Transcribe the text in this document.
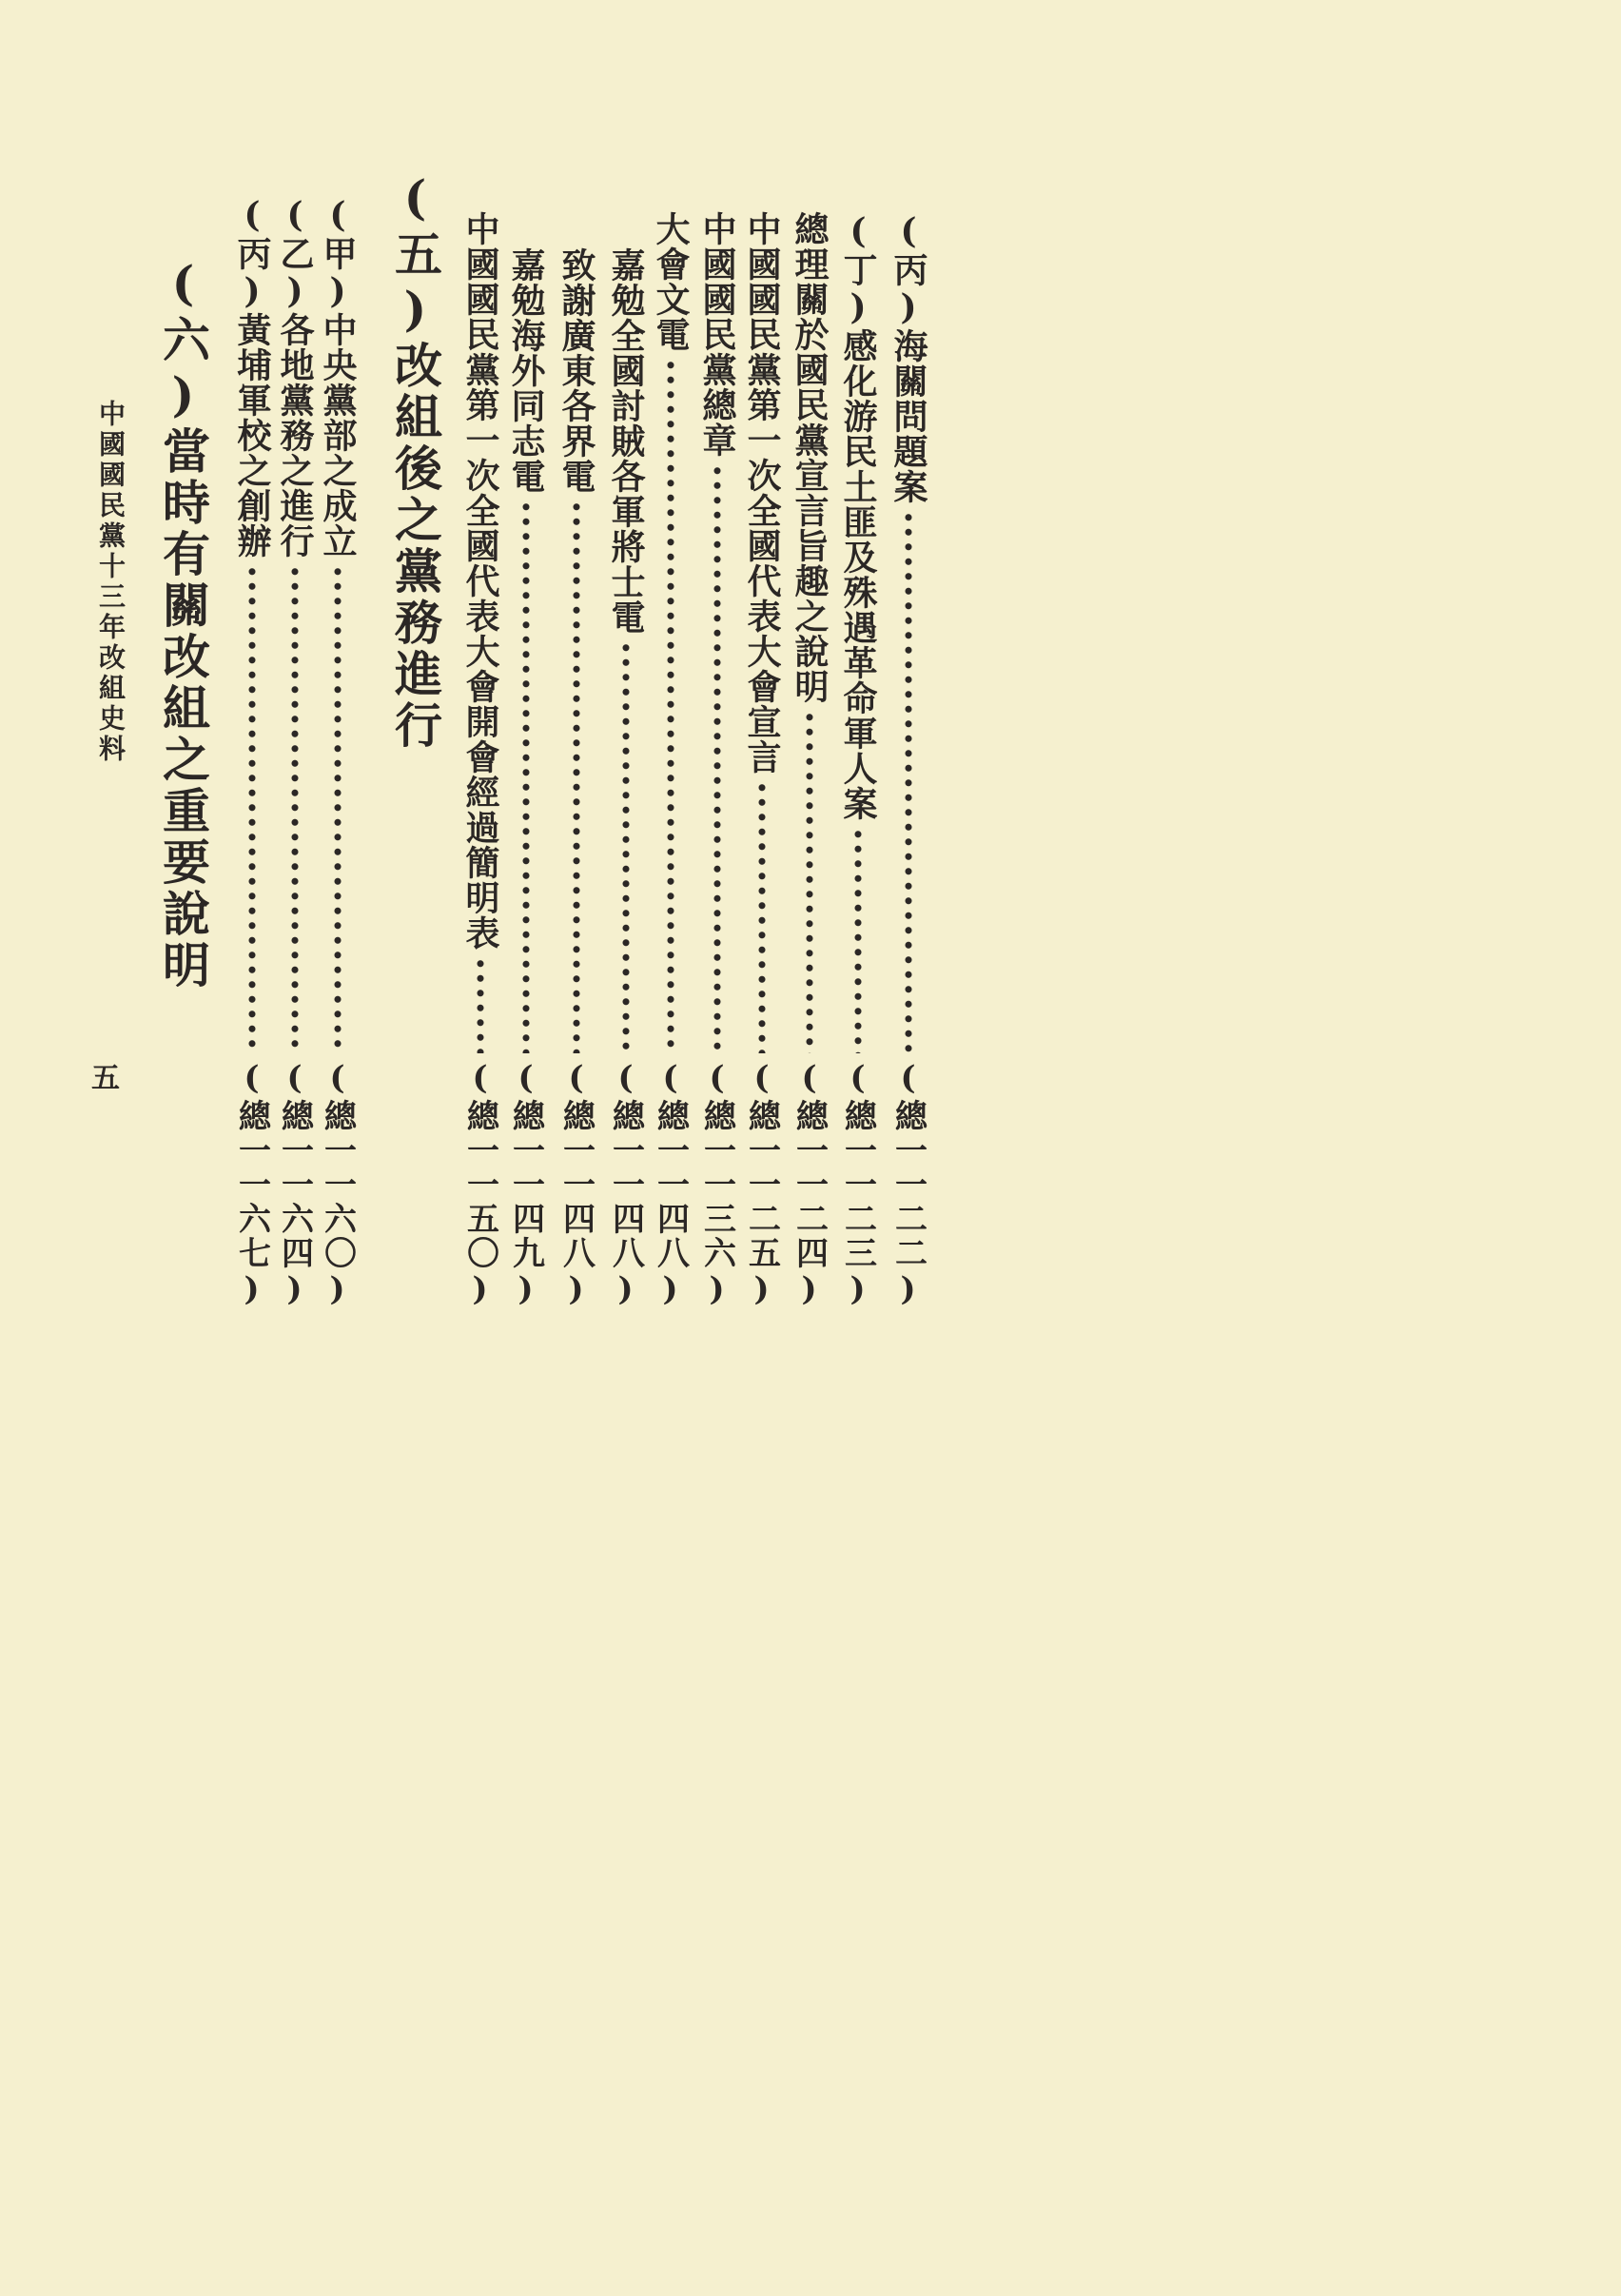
(丙)海關問題案
(總一一二二)
(丁)感化游民土匪及殊遇革命軍人案
(總一一二三)
總理關於國民黨宣言旨趣之說明
(總一一二四)
中國國民黨第一次全國代表大會宣言
(總一一二五)
中國國民黨總章
(總一一三六)
大會文電
(總一一四八)
嘉勉全國討賊各軍將士電
(總一一四八)
致謝廣東各界電
(總一一四八)
嘉勉海外同志電
(總一一四九)
中國國民黨第一次全國代表大會開會經過簡明表
(總一一五〇)
(五)改組後之黨務進行
(甲)中央黨部之成立
(總一一六〇)
(乙)各地黨務之進行
(總一一六四)
(丙)黃埔軍校之創辦
(總一一六七)
(六)當時有關改組之重要說明
中國國民黨十三年改組史料
五
